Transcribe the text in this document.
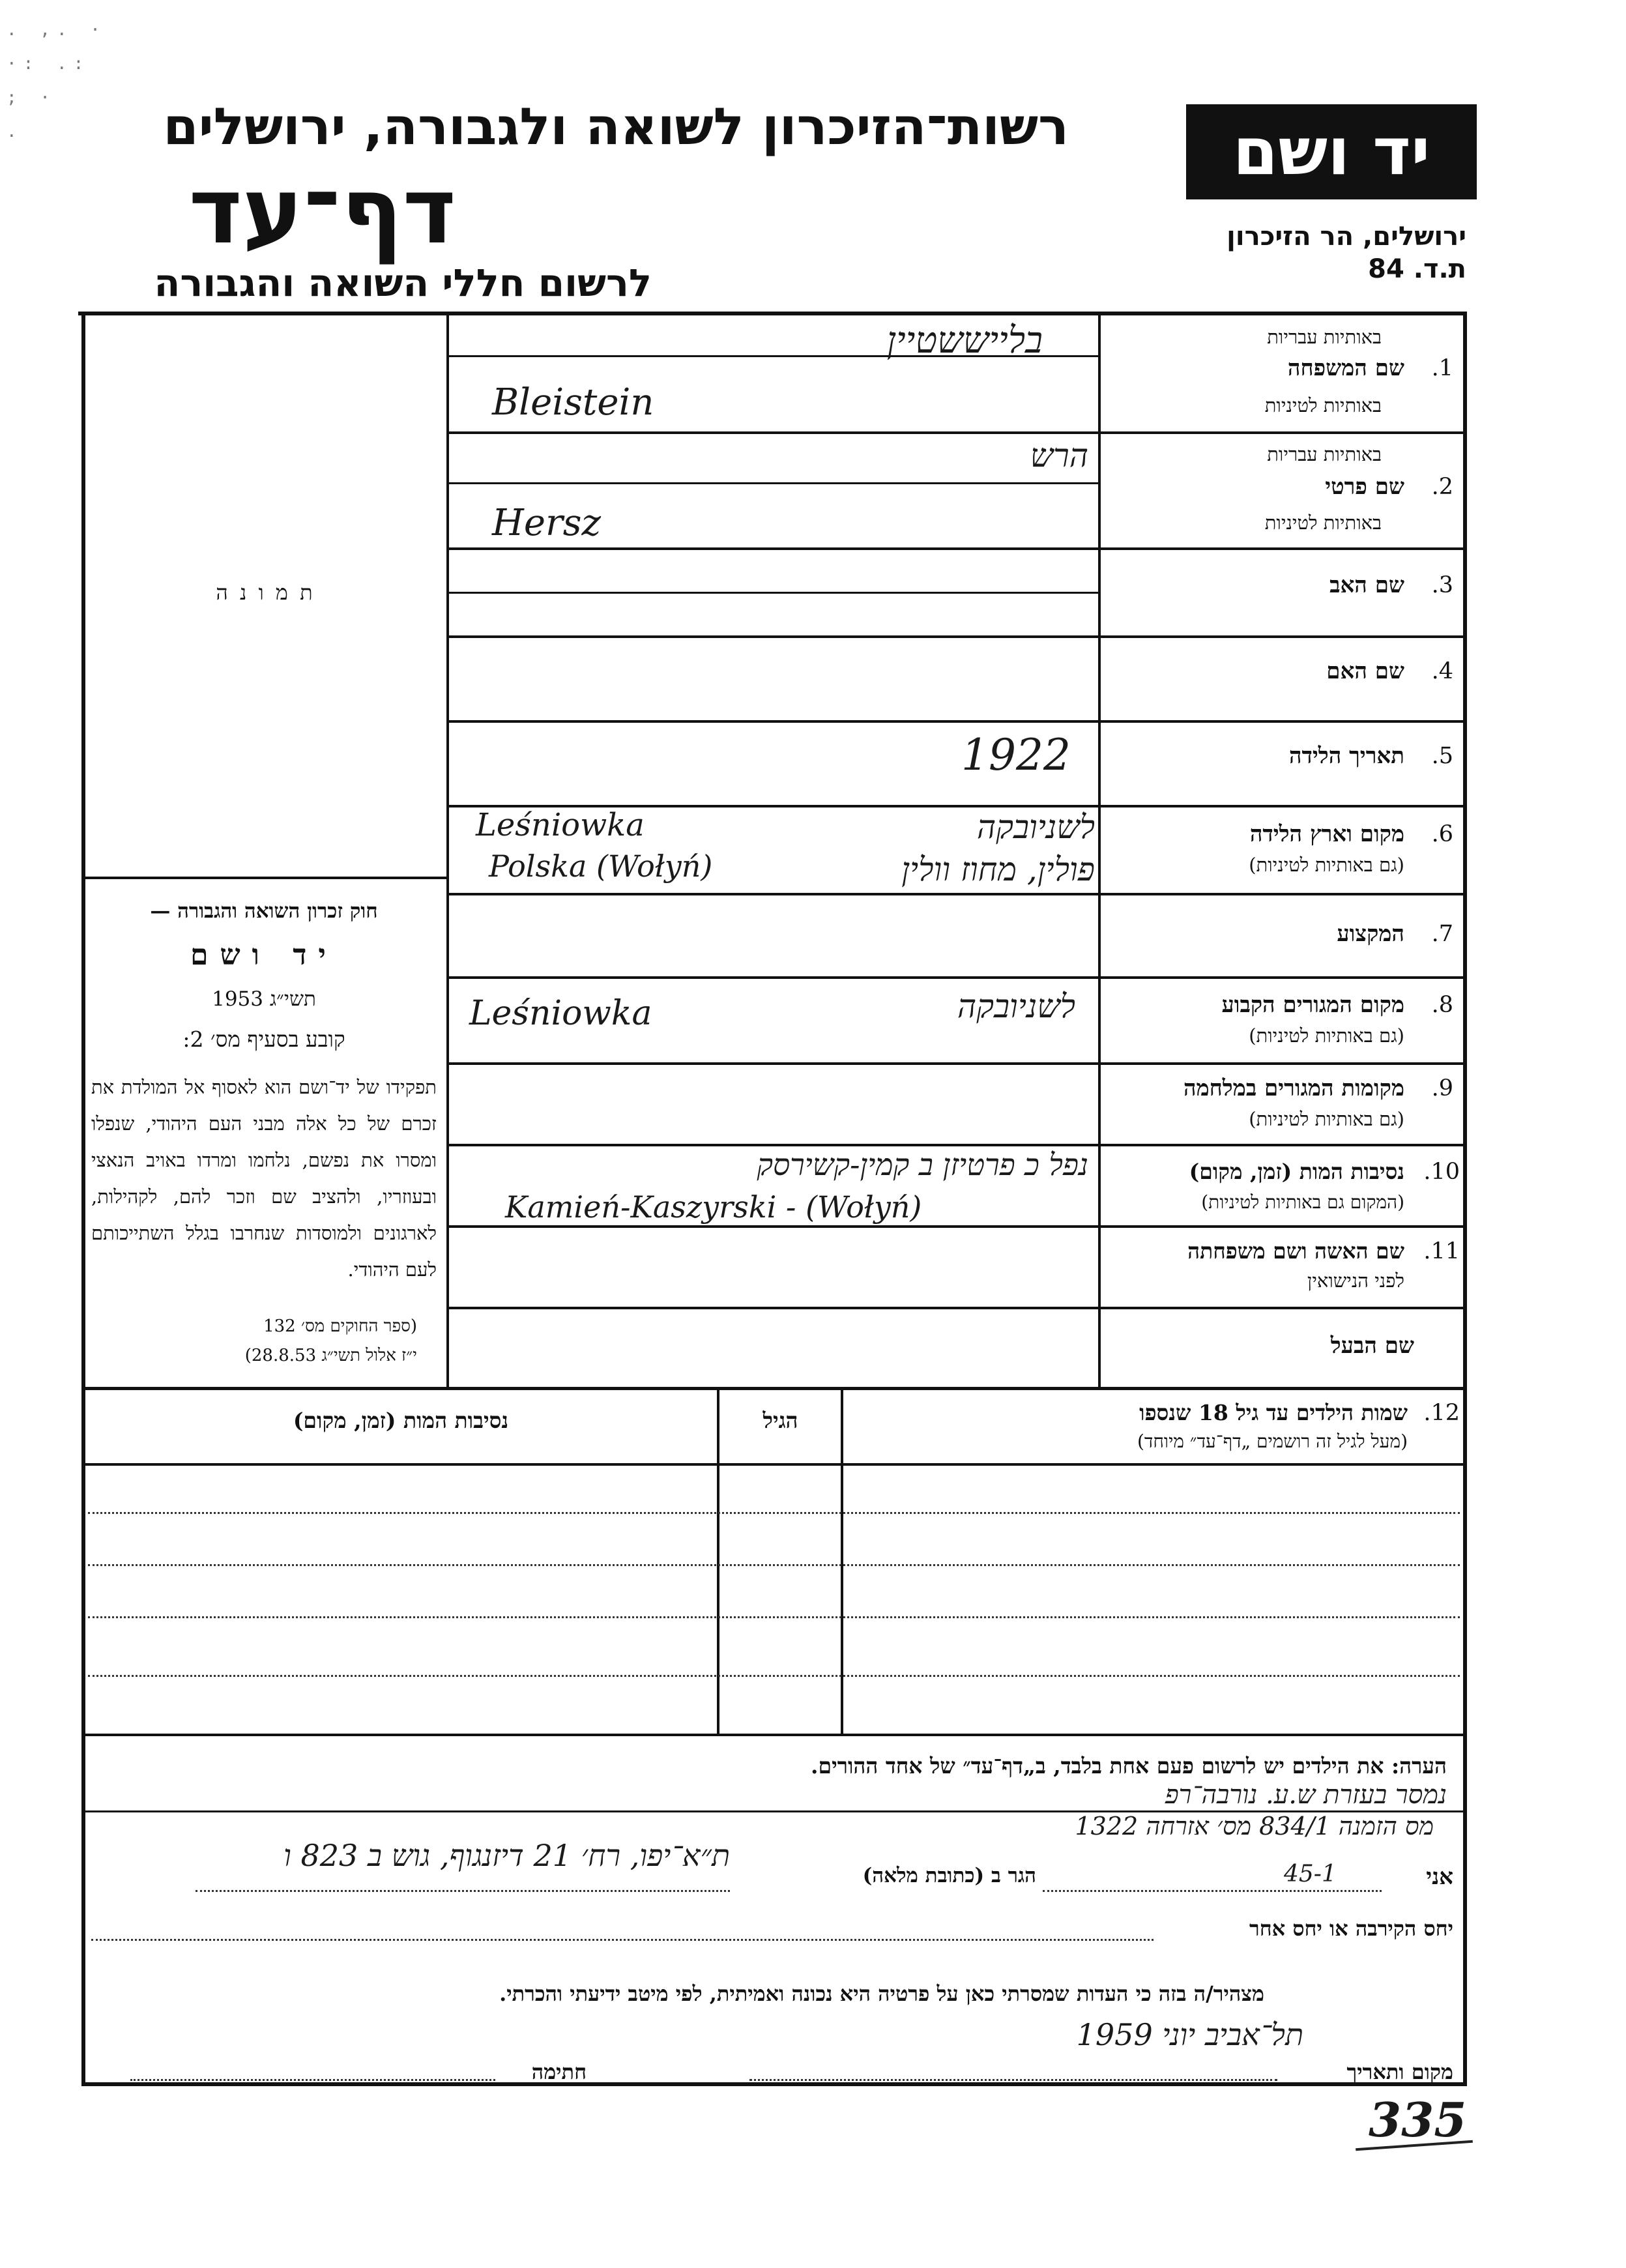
. ,. ·
·: .:
; ·
.	יד ושם
רשות־הזיכרון לשואה ולגבורה, ירושלים
דף־עד
לרשום חללי השואה והגבורה
ירושלים, הר הזיכרון
ת.ד. 84
ת מ ו נ ה
חוק זכרון השואה והגבורה —
יד ושם
תשי״ג 1953
קובע בסעיף מס׳ 2:
תפקידו של יד־ושם הוא לאסוף אל המולדת את זכרם של כל אלה מבני העם היהודי, שנפלו ומסרו את נפשם, נלחמו ומרדו באויב הנאצי ובעוזריו, ולהציב שם וזכר להם, לקהילות, לארגונים ולמוסדות שנחרבו בגלל השתייכותם לעם היהודי.
(ספר החוקים מס׳ 132
י״ז אלול תשי״ג 28.8.53)
באותיות עבריות
1.
שם המשפחה
באותיות לטיניות
באותיות עבריות
2.
שם פרטי
באותיות לטיניות
3.
שם האב
4.
שם האם
5.
תאריך הלידה
6.
מקום וארץ הלידה
(גם באותיות לטיניות)
7.
המקצוע
8.
מקום המגורים הקבוע
(גם באותיות לטיניות)
9.
מקומות המגורים במלחמה
(גם באותיות לטיניות)
10.
נסיבות המות (זמן, מקום)
(המקום גם באותיות לטיניות)
11.
שם האשה ושם משפחתה
לפני הנישואין
שם הבעל
בלייששטיין
Bleistein
הרש
Hersz
1922
לשניובקה
פולין, מחוז וולין
Leśniowka
Polska (Wołyń)
לשניובקה
Leśniowka
נפל כ פרטיזן ב קמין-קשירסק
Kamień-Kaszyrski - (Wołyń)
12.
שמות הילדים עד גיל 18 שנספו
(מעל לגיל זה רושמים „דף־עד״ מיוחד)
הגיל
נסיבות המות (זמן, מקום)
הערה: את הילדים יש לרשום פעם אחת בלבד, ב„דף־עד״ של אחד ההורים.
נמסר בעזרת ש.ע. נורבה־רפ
מס הזמנה 834/1 מס׳ אזרחה 1322
45-1	אני
הגר ב (כתובת מלאה)
ת״א־יפו, רח׳ 21 דיזנגוף, גוש ב 823 ו
יחס הקירבה או יחס אחר
מצהיר/ה בזה כי העדות שמסרתי כאן על פרטיה היא נכונה ואמיתית, לפי מיטב ידיעתי והכרתי.
מקום ותאריך
תל־אביב יוני 1959
חתימה
335
